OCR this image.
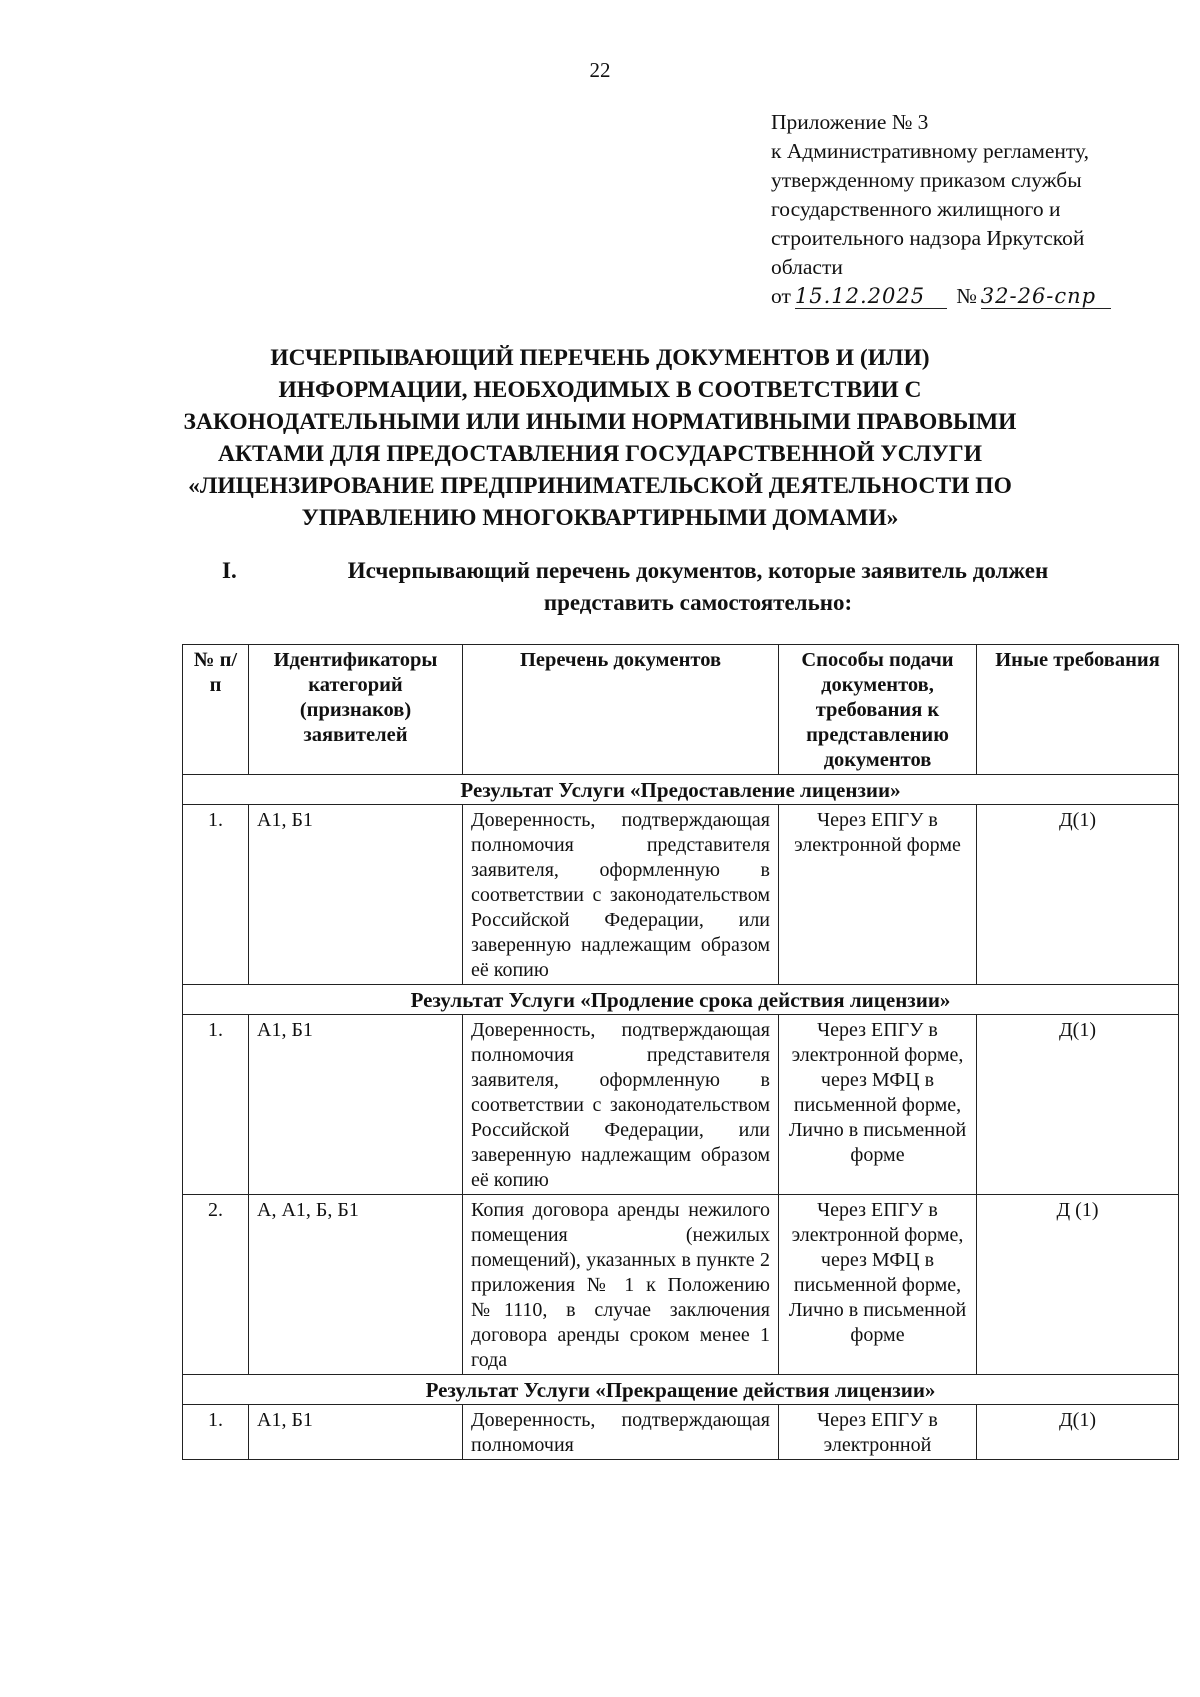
22
Приложение № 3
к Административному регламенту,
утвержденному приказом службы
государственного жилищного и
строительного надзора Иркутской
области
от 15.12.2025 № 32-26-спр
ИСЧЕРПЫВАЮЩИЙ ПЕРЕЧЕНЬ ДОКУМЕНТОВ И (ИЛИ)
ИНФОРМАЦИИ, НЕОБХОДИМЫХ В СООТВЕТСТВИИ С
ЗАКОНОДАТЕЛЬНЫМИ ИЛИ ИНЫМИ НОРМАТИВНЫМИ ПРАВОВЫМИ
АКТАМИ ДЛЯ ПРЕДОСТАВЛЕНИЯ ГОСУДАРСТВЕННОЙ УСЛУГИ
«ЛИЦЕНЗИРОВАНИЕ ПРЕДПРИНИМАТЕЛЬСКОЙ ДЕЯТЕЛЬНОСТИ ПО
УПРАВЛЕНИЮ МНОГОКВАРТИРНЫМИ ДОМАМИ»
I.	Исчерпывающий перечень документов, которые заявитель должен представить самостоятельно:
№ п/п	Идентификаторы категорий (признаков) заявителей	Перечень документов	Способы подачи документов, требования к представлению документов	Иные требования
Результат Услуги «Предоставление лицензии»				
1.	А1, Б1	Доверенность, подтверждающая полномочия представителя заявителя, оформленную в соответствии с законодательством Российской Федерации, или заверенную надлежащим образом её копию	Через ЕПГУ в электронной форме	Д(1)
Результат Услуги «Продление срока действия лицензии»				
1.	А1, Б1	Доверенность, подтверждающая полномочия представителя заявителя, оформленную в соответствии с законодательством Российской Федерации, или заверенную надлежащим образом её копию	Через ЕПГУ в электронной форме, через МФЦ в письменной форме, Лично в письменной форме	Д(1)
2.	А, А1, Б, Б1	Копия договора аренды нежилого помещения (нежилых помещений), указанных в пункте 2 приложения № 1 к Положению №1110, в случае заключения договора аренды сроком менее 1 года	Через ЕПГУ в электронной форме, через МФЦ в письменной форме, Лично в письменной форме	Д (1)
Результат Услуги «Прекращение действия лицензии»				
1.	А1, Б1	Доверенность, подтверждающая полномочия	Через ЕПГУ в электронной	Д(1)
